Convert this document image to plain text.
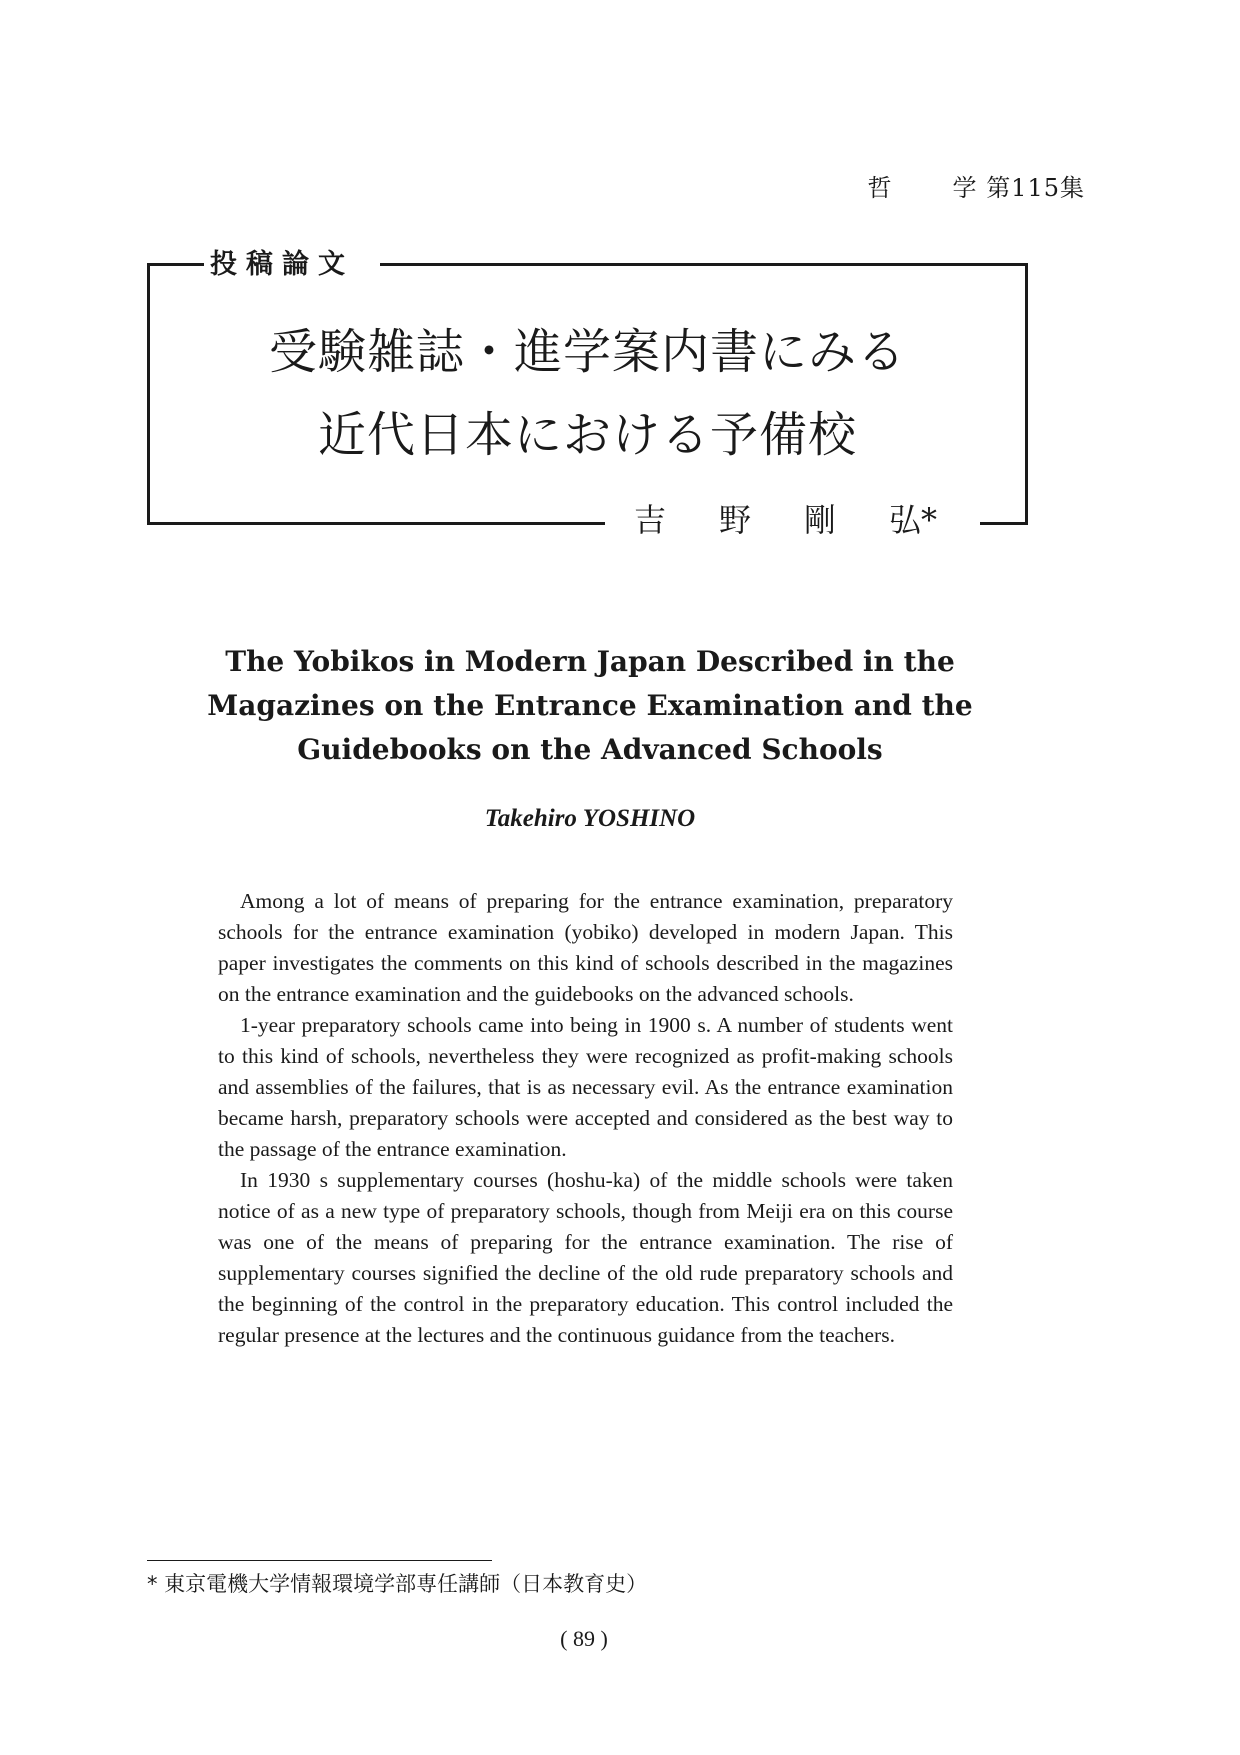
哲	学 第115集
投稿論文
受験雑誌・進学案内書にみる
近代日本における予備校
吉 野 剛 弘*
The Yobikos in Modern Japan Described in the
Magazines on the Entrance Examination and the
Guidebooks on the Advanced Schools
Takehiro YOSHINO

Among a lot of means of preparing for the entrance examination, preparatory schools for the entrance examination (yobiko) developed in modern Japan. This paper investigates the comments on this kind of schools described in the magazines on the entrance examination and the guidebooks on the advanced schools.

1-year preparatory schools came into being in 1900 s. A number of students went to this kind of schools, nevertheless they were recognized as profit-making schools and assemblies of the failures, that is as necessary evil. As the entrance examination became harsh, preparatory schools were accepted and considered as the best way to the passage of the entrance examination.

In 1930 s supplementary courses (hoshu-ka) of the middle schools were taken notice of as a new type of preparatory schools, though from Meiji era on this course was one of the means of preparing for the entrance examination. The rise of supplementary courses signified the decline of the old rude preparatory schools and the beginning of the control in the preparatory education. This control included the regular presence at the lectures and the continuous guidance from the teachers.

* 東京電機大学情報環境学部専任講師（日本教育史）
( 89 )
